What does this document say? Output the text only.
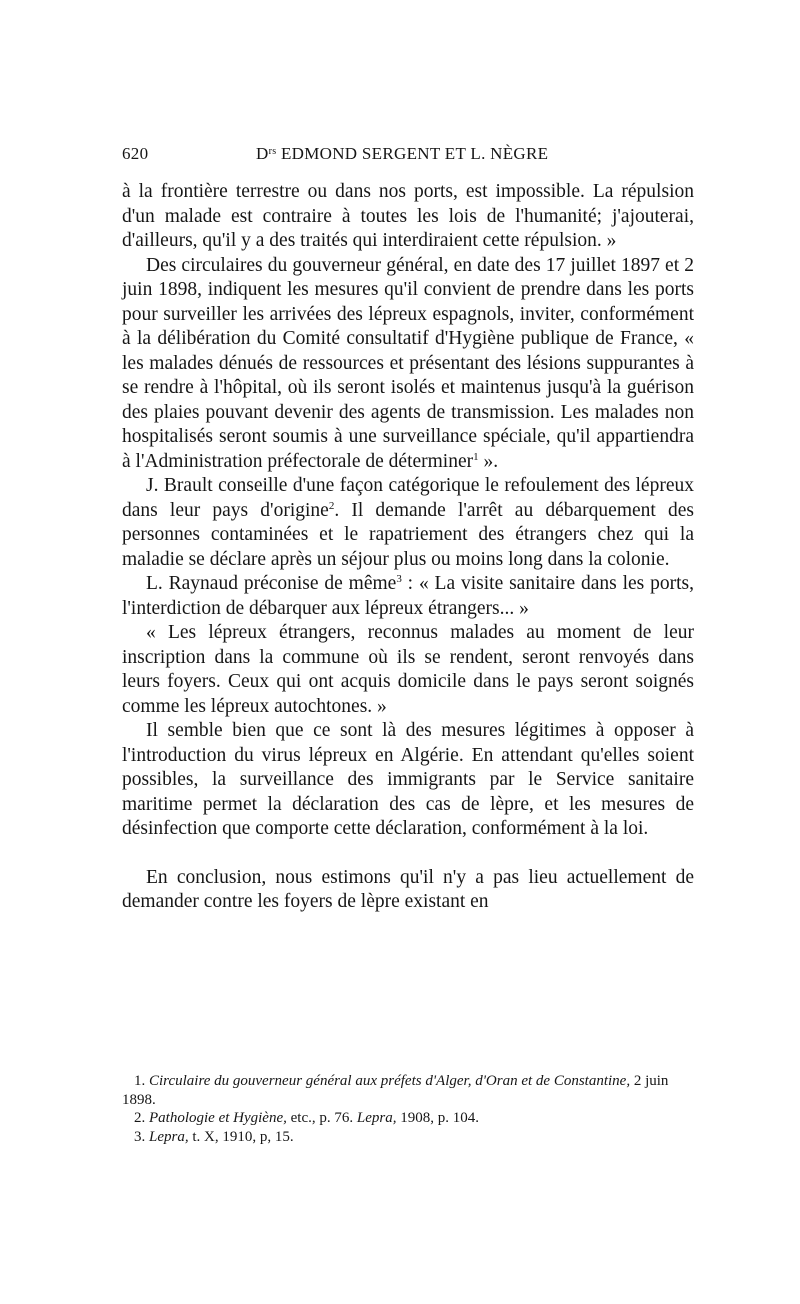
620	$D^{rs}$ EDMOND SERGENT ET L. NÈGRE

à la frontière terrestre ou dans nos ports, est impossible. La répulsion d'un malade est contraire à toutes les lois de l'humanité; j'ajouterai, d'ailleurs, qu'il y a des traités qui interdiraient cette répulsion. »

Des circulaires du gouverneur général, en date des 17 juillet 1897 et 2 juin 1898, indiquent les mesures qu'il convient de prendre dans les ports pour surveiller les arrivées des lépreux espagnols, inviter, conformément à la délibération du Comité consultatif d'Hygiène publique de France, « les malades dénués de ressources et présentant des lésions suppurantes à se rendre à l'hôpital, où ils seront isolés et maintenus jusqu'à la guérison des plaies pouvant devenir des agents de transmission. Les malades non hospitalisés seront soumis à une surveillance spéciale, qu'il appartiendra à l'Administration préfectorale de déterminer$^1$ ».

J. Brault conseille d'une façon catégorique le refoulement des lépreux dans leur pays d'origine$^2$. Il demande l'arrêt au débarquement des personnes contaminées et le rapatriement des étrangers chez qui la maladie se déclare après un séjour plus ou moins long dans la colonie.

L. Raynaud préconise de même$^3$ : « La visite sanitaire dans les ports, l'interdiction de débarquer aux lépreux étrangers... »

« Les lépreux étrangers, reconnus malades au moment de leur inscription dans la commune où ils se rendent, seront renvoyés dans leurs foyers. Ceux qui ont acquis domicile dans le pays seront soignés comme les lépreux autochtones. »

Il semble bien que ce sont là des mesures légitimes à opposer à l'introduction du virus lépreux en Algérie. En attendant qu'elles soient possibles, la surveillance des immigrants par le Service sanitaire maritime permet la déclaration des cas de lèpre, et les mesures de désinfection que comporte cette déclaration, conformément à la loi.

En conclusion, nous estimons qu'il n'y a pas lieu actuellement de demander contre les foyers de lèpre existant en

1. Circulaire du gouverneur général aux préfets d'Alger, d'Oran et de Constantine, 2 juin 1898.

2. Pathologie et Hygiène, etc., p. 76. Lepra, 1908, p. 104.

3. Lepra, t. X, 1910, p, 15.
